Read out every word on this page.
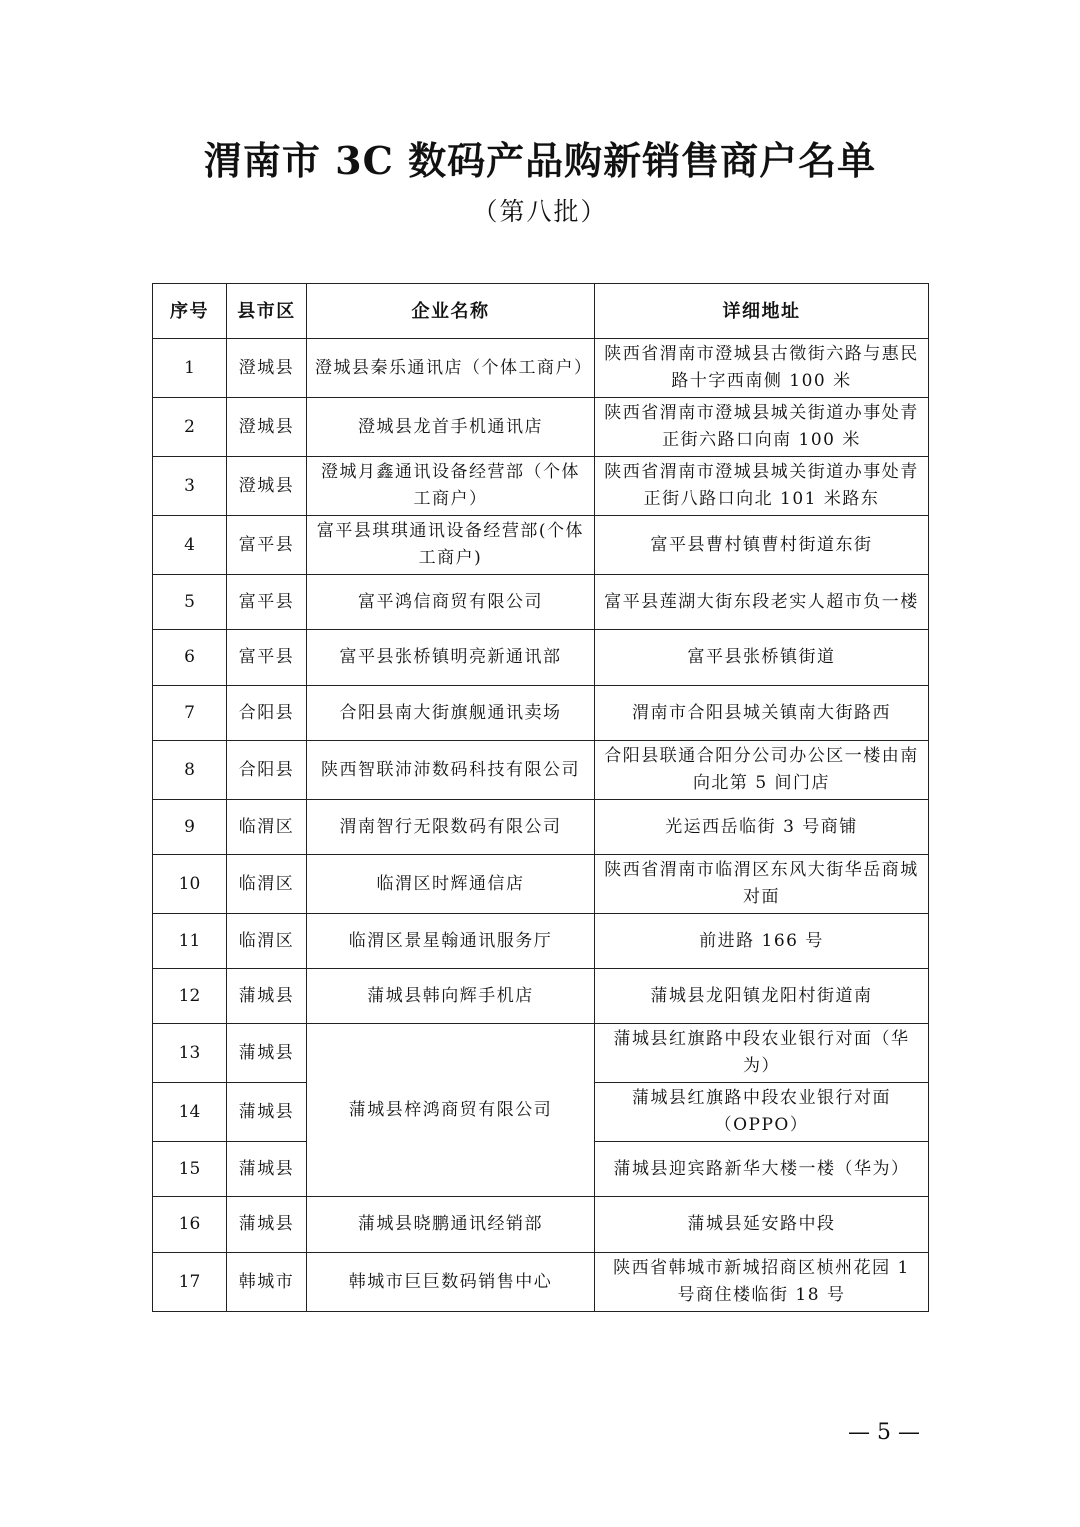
渭南市 3C 数码产品购新销售商户名单
（第八批）
序号	县市区	企业名称	详细地址
1	澄城县	澄城县秦乐通讯店（个体工商户）	陕西省渭南市澄城县古徵街六路与惠民路十字西南侧 100 米
2	澄城县	澄城县龙首手机通讯店	陕西省渭南市澄城县城关街道办事处青正街六路口向南 100 米
3	澄城县	澄城月鑫通讯设备经营部（个体工商户）	陕西省渭南市澄城县城关街道办事处青正街八路口向北 101 米路东
4	富平县	富平县琪琪通讯设备经营部(个体工商户)	富平县曹村镇曹村街道东街
5	富平县	富平鸿信商贸有限公司	富平县莲湖大街东段老实人超市负一楼
6	富平县	富平县张桥镇明亮新通讯部	富平县张桥镇街道
7	合阳县	合阳县南大街旗舰通讯卖场	渭南市合阳县城关镇南大街路西
8	合阳县	陕西智联沛沛数码科技有限公司	合阳县联通合阳分公司办公区一楼由南向北第 5 间门店
9	临渭区	渭南智行无限数码有限公司	光运西岳临街 3 号商铺
10	临渭区	临渭区时辉通信店	陕西省渭南市临渭区东风大街华岳商城对面
11	临渭区	临渭区景星翰通讯服务厅	前进路 166 号
12	蒲城县	蒲城县韩向辉手机店	蒲城县龙阳镇龙阳村街道南
13	蒲城县	蒲城县梓鸿商贸有限公司	蒲城县红旗路中段农业银行对面（华为）
14	蒲城县		蒲城县红旗路中段农业银行对面（OPPO）
15	蒲城县		蒲城县迎宾路新华大楼一楼（华为）
16	蒲城县	蒲城县晓鹏通讯经销部	蒲城县延安路中段
17	韩城市	韩城市巨巨数码销售中心	陕西省韩城市新城招商区桢州花园 1 号商住楼临街 18 号
— 5 —
